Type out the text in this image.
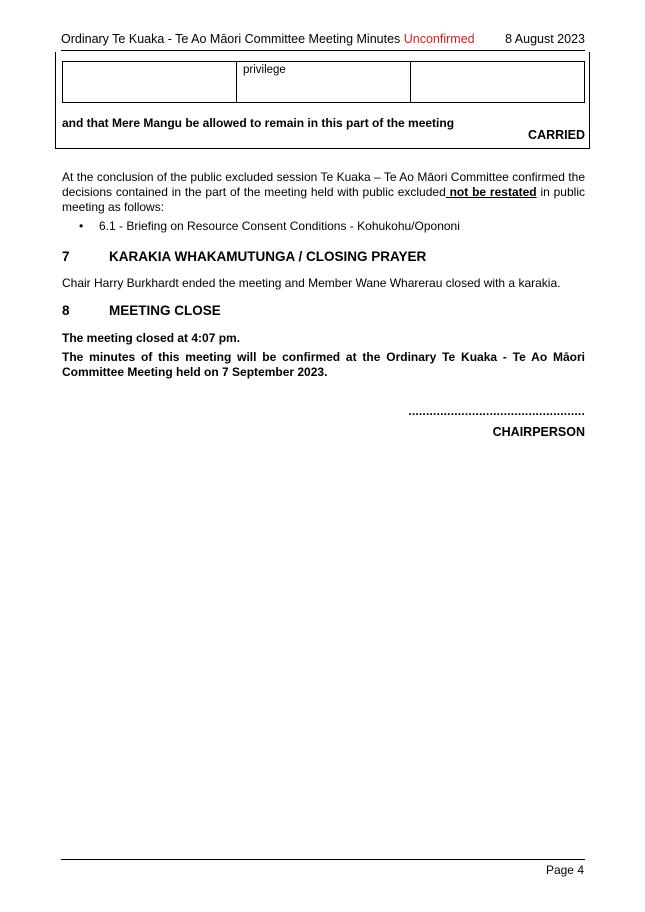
Ordinary Te Kuaka - Te Ao Māori Committee Meeting Minutes Unconfirmed 8 August 2023
privilege
and that Mere Mangu be allowed to remain in this part of the meeting
CARRIED
At the conclusion of the public excluded session Te Kuaka – Te Ao Māori Committee confirmed the decisions contained in the part of the meeting held with public excluded not be restated in public meeting as follows:
• 6.1 - Briefing on Resource Consent Conditions - Kohukohu/Opononi
7	KARAKIA WHAKAMUTUNGA / CLOSING PRAYER
Chair Harry Burkhardt ended the meeting and Member Wane Wharerau closed with a karakia.
8	MEETING CLOSE
The meeting closed at 4:07 pm.
The minutes of this meeting will be confirmed at the Ordinary Te Kuaka - Te Ao Māori Committee Meeting held on 7 September 2023.
..................................................
CHAIRPERSON
Page 4
